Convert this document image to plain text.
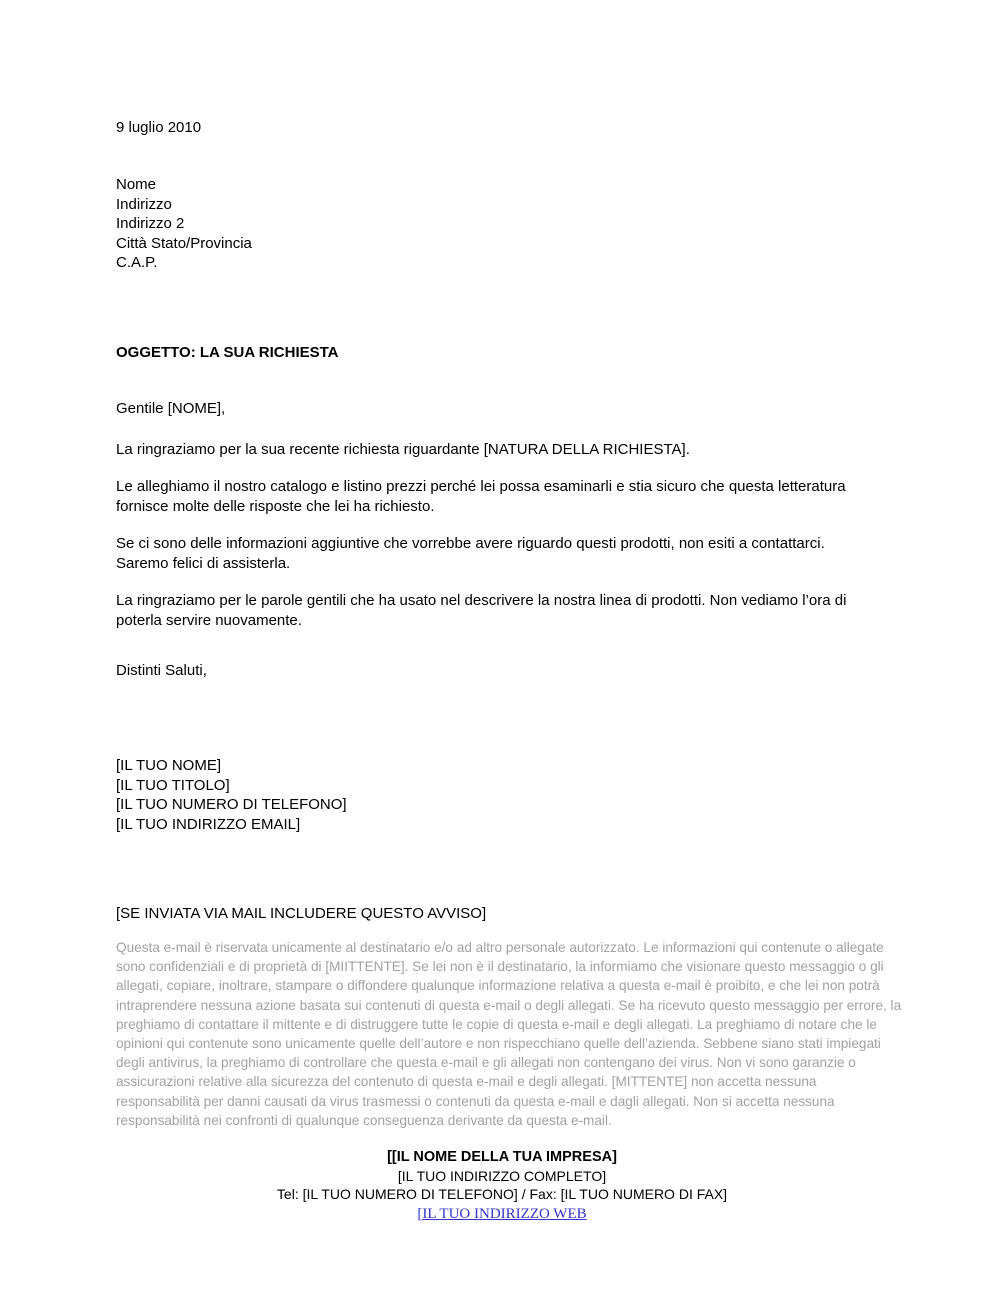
9 luglio 2010
Nome
Indirizzo
Indirizzo 2
Città Stato/Provincia
C.A.P.
OGGETTO: LA SUA RICHIESTA
Gentile [NOME],
La ringraziamo per la sua recente richiesta riguardante [NATURA DELLA RICHIESTA].
Le alleghiamo il nostro catalogo e listino prezzi perché lei possa esaminarli e stia sicuro che questa letteratura fornisce molte delle risposte che lei ha richiesto.
Se ci sono delle informazioni aggiuntive che vorrebbe avere riguardo questi prodotti, non esiti a contattarci. Saremo felici di assisterla.
La ringraziamo per le parole gentili che ha usato nel descrivere la nostra linea di prodotti. Non vediamo l’ora di poterla servire nuovamente.
Distinti Saluti,
[IL TUO NOME]
[IL TUO TITOLO]
[IL TUO NUMERO DI TELEFONO]
[IL TUO INDIRIZZO EMAIL]
[SE INVIATA VIA MAIL INCLUDERE QUESTO AVVISO]
Questa e-mail è riservata unicamente al destinatario e/o ad altro personale autorizzato. Le informazioni qui contenute o allegate sono confidenziali e di proprietà di [MIITTENTE]. Se lei non è il destinatario, la informiamo che visionare questo messaggio o gli allegati, copiare, inoltrare, stampare o diffondere qualunque informazione relativa a questa e-mail è proibito, e che lei non potrà intraprendere nessuna azione basata sui contenuti di questa e-mail o degli allegati. Se ha ricevuto questo messaggio per errore, la preghiamo di contattare il mittente e di distruggere tutte le copie di questa e-mail e degli allegati. La preghiamo di notare che le opinioni qui contenute sono unicamente quelle dell’autore e non rispecchiano quelle dell’azienda. Sebbene siano stati impiegati degli antivirus, la preghiamo di controllare che questa e-mail e gli allegati non contengano dei virus. Non vi sono garanzie o assicurazioni relative alla sicurezza del contenuto di questa e-mail e degli allegati. [MITTENTE] non accetta nessuna responsabilità per danni causati da virus trasmessi o contenuti da questa e-mail e dagli allegati. Non si accetta nessuna responsabilità nei confronti di qualunque conseguenza derivante da questa e-mail.
[[IL NOME DELLA TUA IMPRESA]
[IL TUO INDIRIZZO COMPLETO]
Tel: [IL TUO NUMERO DI TELEFONO] / Fax: [IL TUO NUMERO DI FAX]
[IL TUO INDIRIZZO WEB
